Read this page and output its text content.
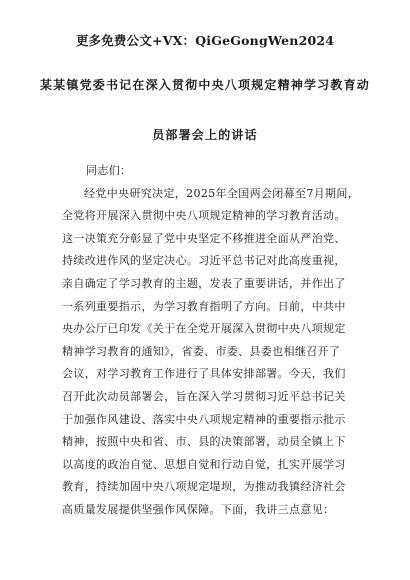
更多免费公文+VX：QiGeGongWen2024
某某镇党委书记在深入贯彻中央八项规定精神学习教育动
员部署会上的讲话
同志们：
经党中央研究决定，2025年全国两会闭幕至7月期间，
全党将开展深入贯彻中央八项规定精神的学习教育活动。
这一决策充分彰显了党中央坚定不移推进全面从严治党、
持续改进作风的坚定决心。习近平总书记对此高度重视，
亲自确定了学习教育的主题，发表了重要讲话，并作出了
一系列重要指示，为学习教育指明了方向。日前，中共中
央办公厅已印发《关于在全党开展深入贯彻中央八项规定
精神学习教育的通知》，省委、市委、县委也相继召开了
会议，对学习教育工作进行了具体安排部署。今天，我们
召开此次动员部署会，旨在深入学习贯彻习近平总书记关
于加强作风建设、落实中央八项规定精神的重要指示批示
精神，按照中央和省、市、县的决策部署，动员全镇上下
以高度的政治自觉、思想自觉和行动自觉，扎实开展学习
教育，持续加固中央八项规定堤坝，为推动我镇经济社会
高质量发展提供坚强作风保障。下面，我讲三点意见：
